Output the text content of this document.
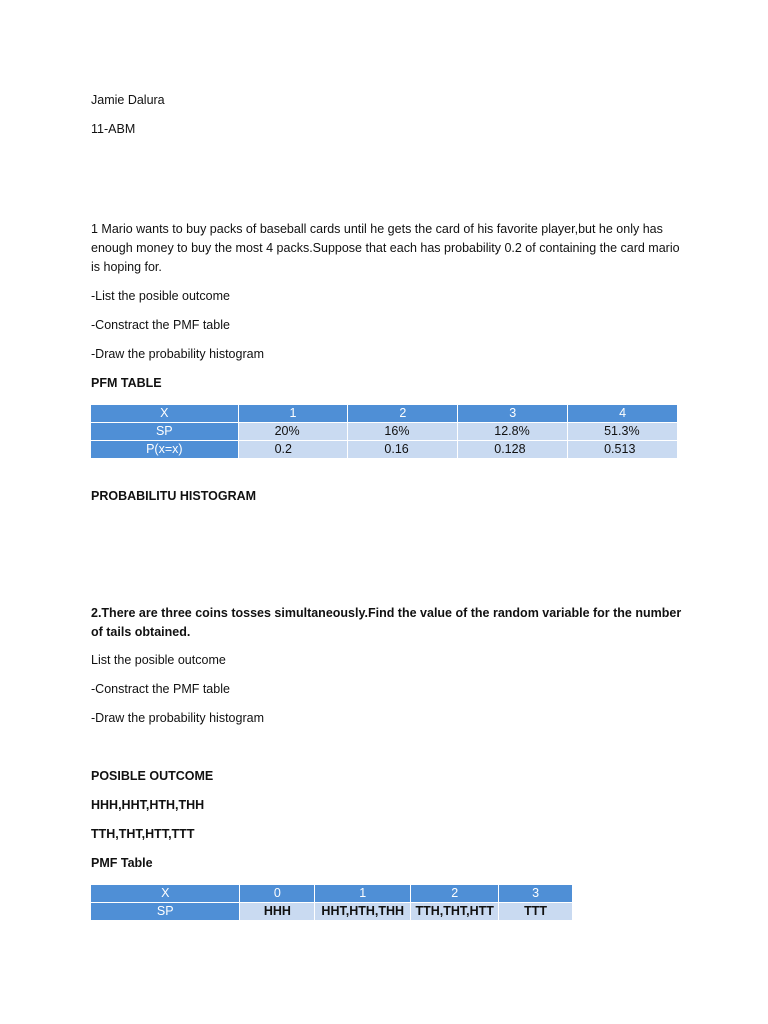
Jamie Dalura
11-ABM
1 Mario wants to buy packs of baseball cards until he gets the card of his favorite player,but he only has enough money to buy the most 4 packs.Suppose that each has probability 0.2 of containing the card mario is hoping for.
-List the posible outcome
-Constract the PMF table
-Draw the probability histogram
PFM TABLE
X	1	2	3	4
SP	20%	16%	12.8%	51.3%
P(x=x)	0.2	0.16	0.128	0.513
PROBABILITU HISTOGRAM
2.There are three coins tosses simultaneously.Find the value of the random variable for the number of tails obtained.
List the posible outcome
-Constract the PMF table
-Draw the probability histogram
POSIBLE OUTCOME
HHH,HHT,HTH,THH
TTH,THT,HTT,TTT
PMF Table
X	0	1	2	3
SP	HHH	HHT,HTH,THH	TTH,THT,HTT	TTT
